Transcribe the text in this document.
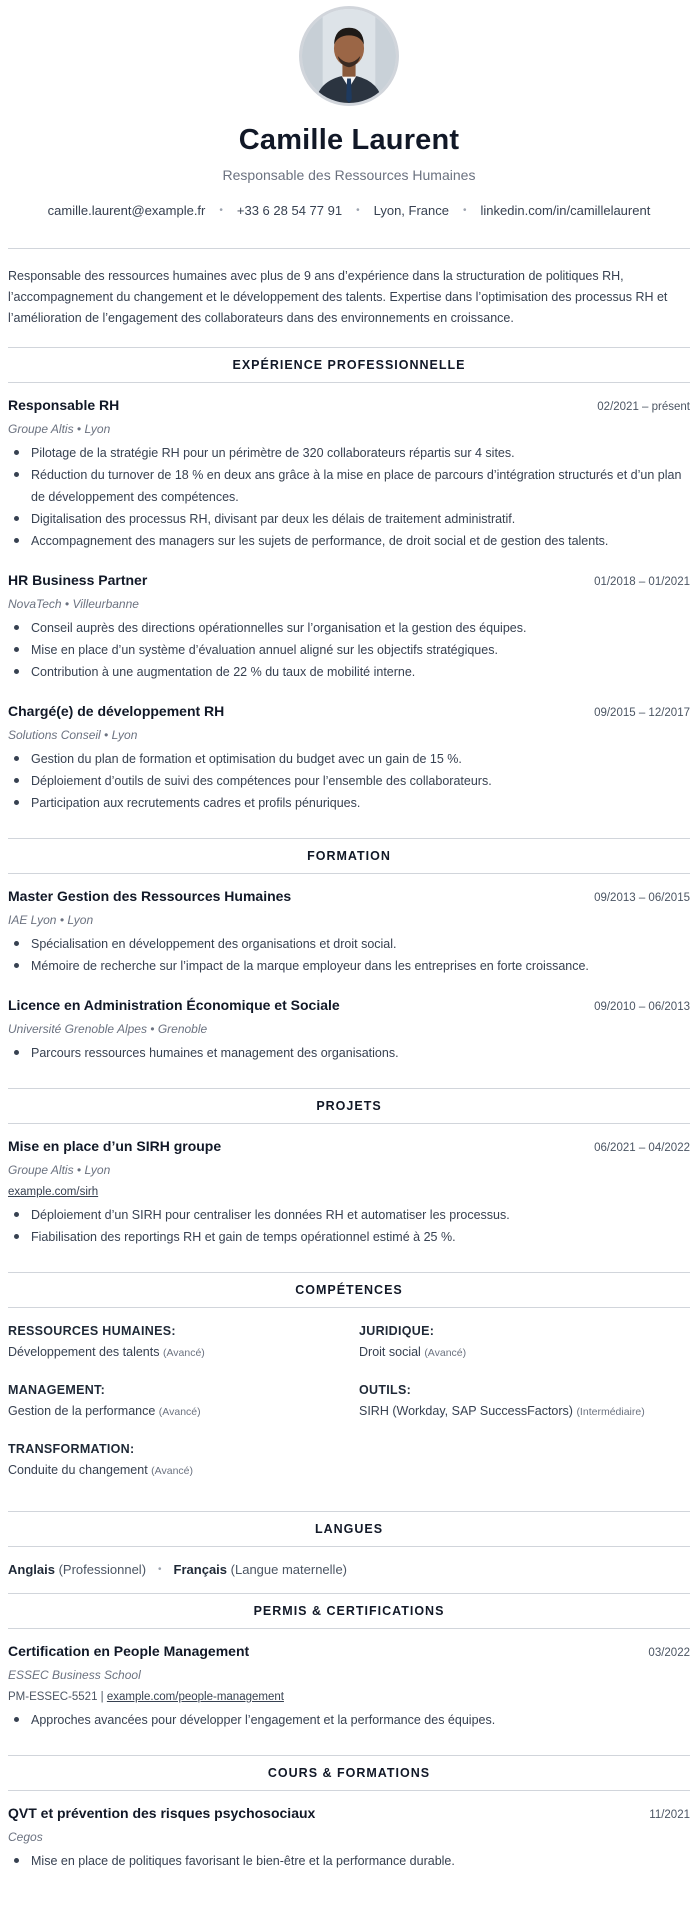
Camille Laurent
Responsable des Ressources Humaines
camille.laurent@example.fr • +33 6 28 54 77 91 • Lyon, France • linkedin.com/in/camillelaurent
Responsable des ressources humaines avec plus de 9 ans d’expérience dans la structuration de politiques RH, l’accompagnement du changement et le développement des talents. Expertise dans l’optimisation des processus RH et l’amélioration de l’engagement des collaborateurs dans des environnements en croissance.
EXPÉRIENCE PROFESSIONNELLE
Responsable RH	02/2021 – présent
Groupe Altis • Lyon
Pilotage de la stratégie RH pour un périmètre de 320 collaborateurs répartis sur 4 sites.
Réduction du turnover de 18 % en deux ans grâce à la mise en place de parcours d’intégration structurés et d’un plan de développement des compétences.
Digitalisation des processus RH, divisant par deux les délais de traitement administratif.
Accompagnement des managers sur les sujets de performance, de droit social et de gestion des talents.
HR Business Partner	01/2018 – 01/2021
NovaTech • Villeurbanne
Conseil auprès des directions opérationnelles sur l’organisation et la gestion des équipes.
Mise en place d’un système d’évaluation annuel aligné sur les objectifs stratégiques.
Contribution à une augmentation de 22 % du taux de mobilité interne.
Chargé(e) de développement RH	09/2015 – 12/2017
Solutions Conseil • Lyon
Gestion du plan de formation et optimisation du budget avec un gain de 15 %.
Déploiement d’outils de suivi des compétences pour l’ensemble des collaborateurs.
Participation aux recrutements cadres et profils pénuriques.
FORMATION
Master Gestion des Ressources Humaines	09/2013 – 06/2015
IAE Lyon • Lyon
Spécialisation en développement des organisations et droit social.
Mémoire de recherche sur l’impact de la marque employeur dans les entreprises en forte croissance.
Licence en Administration Économique et Sociale	09/2010 – 06/2013
Université Grenoble Alpes • Grenoble
Parcours ressources humaines et management des organisations.
PROJETS
Mise en place d’un SIRH groupe	06/2021 – 04/2022
Groupe Altis • Lyon
example.com/sirh
Déploiement d’un SIRH pour centraliser les données RH et automatiser les processus.
Fiabilisation des reportings RH et gain de temps opérationnel estimé à 25 %.
COMPÉTENCES
RESSOURCES HUMAINES:
Développement des talents (Avancé)
JURIDIQUE:
Droit social (Avancé)
MANAGEMENT:
Gestion de la performance (Avancé)
OUTILS:
SIRH (Workday, SAP SuccessFactors) (Intermédiaire)
TRANSFORMATION:
Conduite du changement (Avancé)
LANGUES
Anglais (Professionnel) • Français (Langue maternelle)
PERMIS & CERTIFICATIONS
Certification en People Management	03/2022
ESSEC Business School
PM-ESSEC-5521 | example.com/people-management
Approches avancées pour développer l’engagement et la performance des équipes.
COURS & FORMATIONS
QVT et prévention des risques psychosociaux	11/2021
Cegos
Mise en place de politiques favorisant le bien-être et la performance durable.
